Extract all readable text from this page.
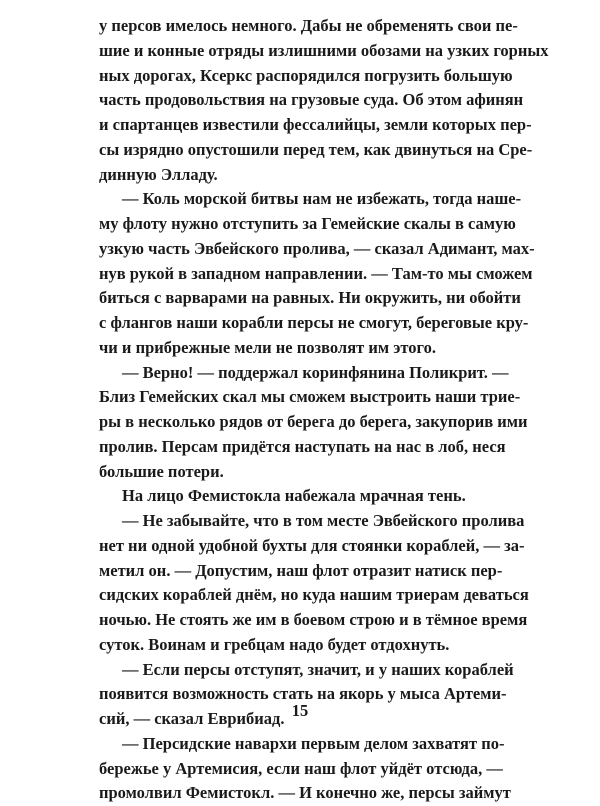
у персов имелось немного. Дабы не обременять свои пе-
шие и конные отряды излишними обозами на узких горных
ных дорогах, Ксеркс распорядился погрузить большую
часть продовольствия на грузовые суда. Об этом афинян
и спартанцев известили фессалийцы, земли которых пер-
сы изрядно опустошили перед тем, как двинуться на Сре-
динную Элладу.
— Коль морской битвы нам не избежать, тогда наше-
му флоту нужно отступить за Гемейские скалы в самую
узкую часть Эвбейского пролива, — сказал Адимант, мах-
нув рукой в западном направлении. — Там-то мы сможем
биться с варварами на равных. Ни окружить, ни обойти
с флангов наши корабли персы не смогут, береговые кру-
чи и прибрежные мели не позволят им этого.
— Верно! — поддержал коринфянина Поликрит. —
Близ Гемейских скал мы сможем выстроить наши трие-
ры в несколько рядов от берега до берега, закупорив ими
пролив. Персам придётся наступать на нас в лоб, неся
большие потери.
На лицо Фемистокла набежала мрачная тень.
— Не забывайте, что в том месте Эвбейского пролива
нет ни одной удобной бухты для стоянки кораблей, — за-
метил он. — Допустим, наш флот отразит натиск пер-
сидских кораблей днём, но куда нашим триерам деваться
ночью. Не стоять же им в боевом строю и в тёмное время
суток. Воинам и гребцам надо будет отдохнуть.
— Если персы отступят, значит, и у наших кораблей
появится возможность стать на якорь у мыса Артеми-
сий, — сказал Еврибиад.
— Персидские наварxи первым делом захватят по-
бережье у Артемисия, если наш флот уйдёт отсюда, —
промолвил Фемистокл. — И конечно же, персы займут
15
